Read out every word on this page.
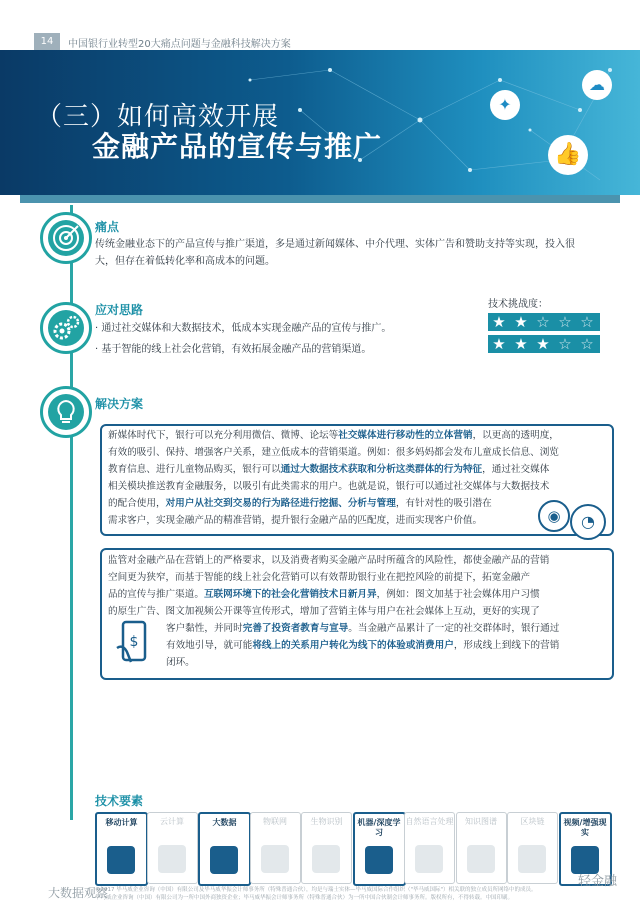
14	中国银行业转型20大痛点问题与金融科技解决方案
✦
☁
👍
（三）如何高效开展
金融产品的宣传与推广
痛点
传统金融业态下的产品宣传与推广渠道，多是通过新闻媒体、中介代理、实体广告和赞助支持等实现，投入很
大，但存在着低转化率和高成本的问题。
应对思路
· 通过社交媒体和大数据技术，低成本实现金融产品的宣传与推广。
· 基于智能的线上社会化营销，有效拓展金融产品的营销渠道。
技术挑战度：
★ ★ ☆ ☆ ☆
★ ★ ★ ☆ ☆
解决方案
新媒体时代下，银行可以充分利用微信、微博、论坛等社交媒体进行移动性的立体营销，以更高的透明度，
有效的吸引、保持、增强客户关系，建立低成本的营销渠道。例如：很多妈妈都会发布儿童成长信息、浏览
教育信息、进行儿童物品购买，银行可以通过大数据技术获取和分析这类群体的行为特征，通过社交媒体
相关模块推送教育金融服务，以吸引有此类需求的用户。也就是说，银行可以通过社交媒体与大数据技术
的配合使用，对用户从社交到交易的行为路径进行挖掘、分析与管理，有针对性的吸引潜在
需求客户，实现金融产品的精准营销，提升银行金融产品的匹配度，进而实现客户价值。	◉	◔
监管对金融产品在营销上的严格要求，以及消费者购买金融产品时所蕴含的风险性，都使金融产品的营销
空间更为狭窄，而基于智能的线上社会化营销可以有效帮助银行业在把控风险的前提下，拓宽金融产
品的宣传与推广渠道。互联网环境下的社会化营销技术日新月异，例如：图文加基于社会媒体用户习惯
的原生广告、图文加视频公开课等宣传形式，增加了营销主体与用户在社会媒体上互动，更好的实现了
客户黏性，并同时完善了投资者教育与宣导。当金融产品累计了一定的社交群体时，银行通过
有效地引导，就可能将线上的关系用户转化为线下的体验或消费用户，形成线上到线下的营销
闭环。
$
技术要素
移动计算	云计算	大数据	物联网	生物识别	机器/深度学习
自然语言处理	知识图谱	区块链	视频/增强现实
©2017 毕马威企业咨询（中国）有限公司及毕马威华振会计师事务所（特殊普通合伙），均是与瑞士实体—毕马威国际合作组织（"毕马威国际"）相关联的独立成员所网络中的成员。
毕马威企业咨询（中国）有限公司为一所中国外商独资企业；毕马威华振会计师事务所（特殊普通合伙）为一所中国合伙制会计师事务所。版权所有，不得转载。中国印刷。
大数据观察
轻金融
